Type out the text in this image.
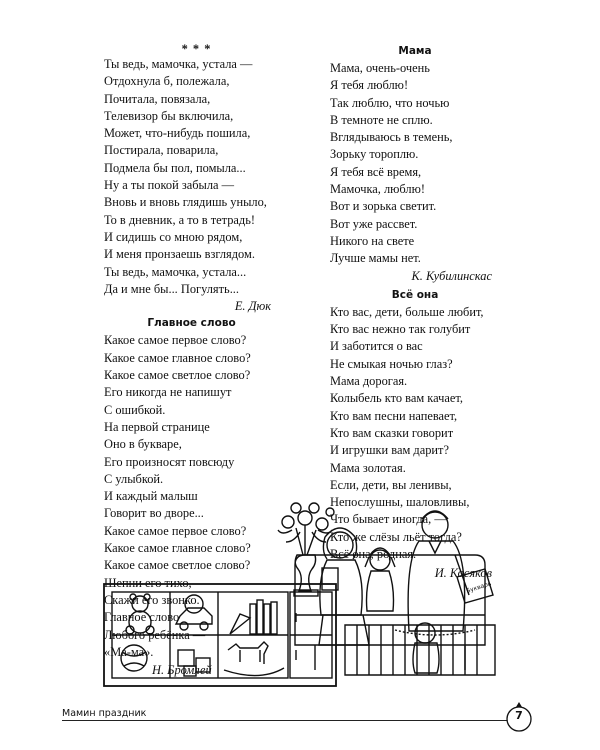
* * *

Ты ведь, мамочка, устала —

Отдохнула б, полежала,

Почитала, повязала,

Телевизор бы включила,

Может, что-нибудь пошила,

Постирала, поварила,

Подмела бы пол, помыла...

Ну а ты покой забыла —

Вновь и вновь глядишь уныло,

То в дневник, а то в тетрадь!

И сидишь со мною рядом,

И меня пронзаешь взглядом.

Ты ведь, мамочка, устала...

Да и мне бы... Погулять...

Е. Дюк

Главное слово

Какое самое первое слово?

Какое самое главное слово?

Какое самое светлое слово?

Его никогда не напишут

С ошибкой.

На первой странице

Оно в букваре,

Его произносят повсюду

С улыбкой.

И каждый малыш

Говорит во дворе...

Какое самое первое слово?

Какое самое главное слово?

Какое самое светлое слово?

Шепни его тихо,

Скажи его звонко.

Главное слово

Любого ребёнка —

«Ма-ма».

Н. Бромлей

Мама

Мама, очень-очень

Я тебя люблю!

Так люблю, что ночью

В темноте не сплю.

Вглядываюсь в темень,

Зорьку тороплю.

Я тебя всё время,

Мамочка, люблю!

Вот и зорька светит.

Вот уже рассвет.

Никого на свете

Лучше мамы нет.

К. Кубилинскас

Всё она

Кто вас, дети, больше любит,

Кто вас нежно так голубит

И заботится о вас

Не смыкая ночью глаз?

Мама дорогая.

Колыбель кто вам качает,

Кто вам песни напевает,

Кто вам сказки говорит

И игрушки вам дарит?

Мама золотая.

Если, дети, вы ленивы,

Непослушны, шаловливы,

Что бывает иногда, —

Кто же слёзы льёт тогда?

Всё она, родная.

И. Косяков

Букварь
Мамин праздник	7
